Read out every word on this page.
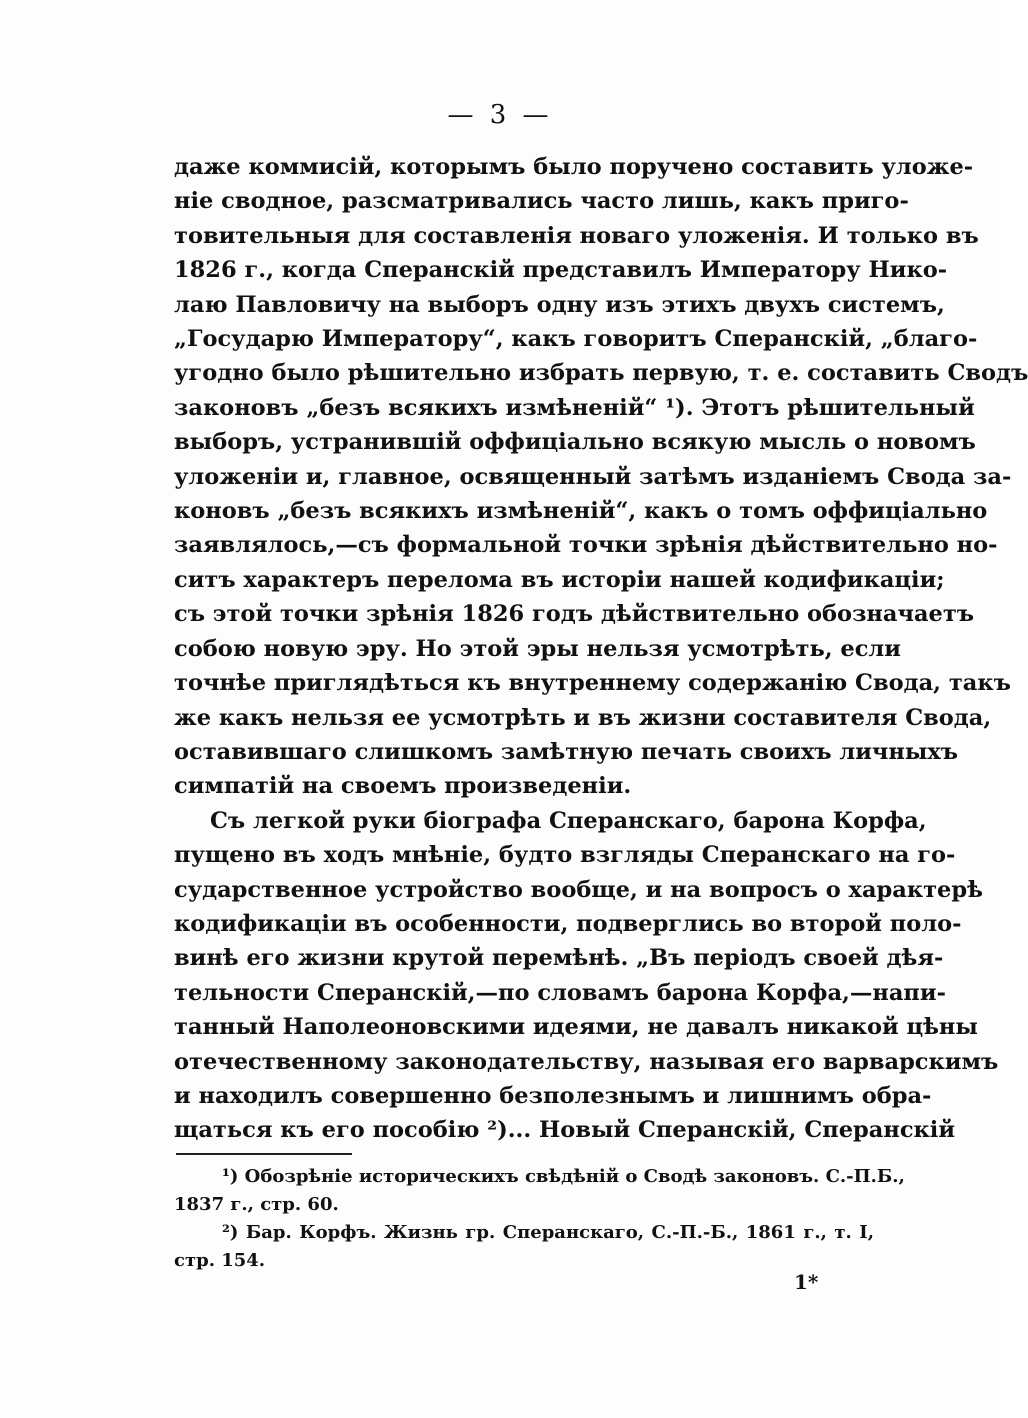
— 3 —
даже коммисій, которымъ было поручено составить уложе-
ніе сводное, разсматривались часто лишь, какъ приго-
товительныя для составленія новаго уложенія. И только въ
1826 г., когда Сперанскій представилъ Императору Нико-
лаю Павловичу на выборъ одну изъ этихъ двухъ системъ,
„Государю Императору“, какъ говоритъ Сперанскій, „благо-
угодно было рѣшительно избрать первую, т. е. составить Сводъ
законовъ „безъ всякихъ измѣненій“ ¹). Этотъ рѣшительный
выборъ, устранившій оффиціально всякую мысль о новомъ
уложеніи и, главное, освященный затѣмъ изданіемъ Свода за-
коновъ „безъ всякихъ измѣненій“, какъ о томъ оффиціально
заявлялось,—съ формальной точки зрѣнія дѣйствительно но-
ситъ характеръ перелома въ исторіи нашей кодификаціи;
съ этой точки зрѣнія 1826 годъ дѣйствительно обозначаетъ
собою новую эру. Но этой эры нельзя усмотрѣть, если
точнѣе приглядѣться къ внутреннему содержанію Свода, такъ
же какъ нельзя ее усмотрѣть и въ жизни составителя Свода,
оставившаго слишкомъ замѣтную печать своихъ личныхъ
симпатій на своемъ произведеніи.
Съ легкой руки біографа Сперанскаго, барона Корфа,
пущено въ ходъ мнѣніе, будто взгляды Сперанскаго на го-
сударственное устройство вообще, и на вопросъ о характерѣ
кодификаціи въ особенности, подверглись во второй поло-
винѣ его жизни крутой перемѣнѣ. „Въ періодъ своей дѣя-
тельности Сперанскій,—по словамъ барона Корфа,—напи-
танный Наполеоновскими идеями, не давалъ никакой цѣны
отечественному законодательству, называя его варварскимъ
и находилъ совершенно безполезнымъ и лишнимъ обра-
щаться къ его пособію ²)... Новый Сперанскій, Сперанскій
¹) Обозрѣніе историческихъ свѣдѣній о Сводѣ законовъ. С.-П.Б.,
1837 г., стр. 60.
²) Бар. Корфъ. Жизнь гр. Сперанскаго, С.-П.-Б., 1861 г., т. I,
стр. 154.
1*
